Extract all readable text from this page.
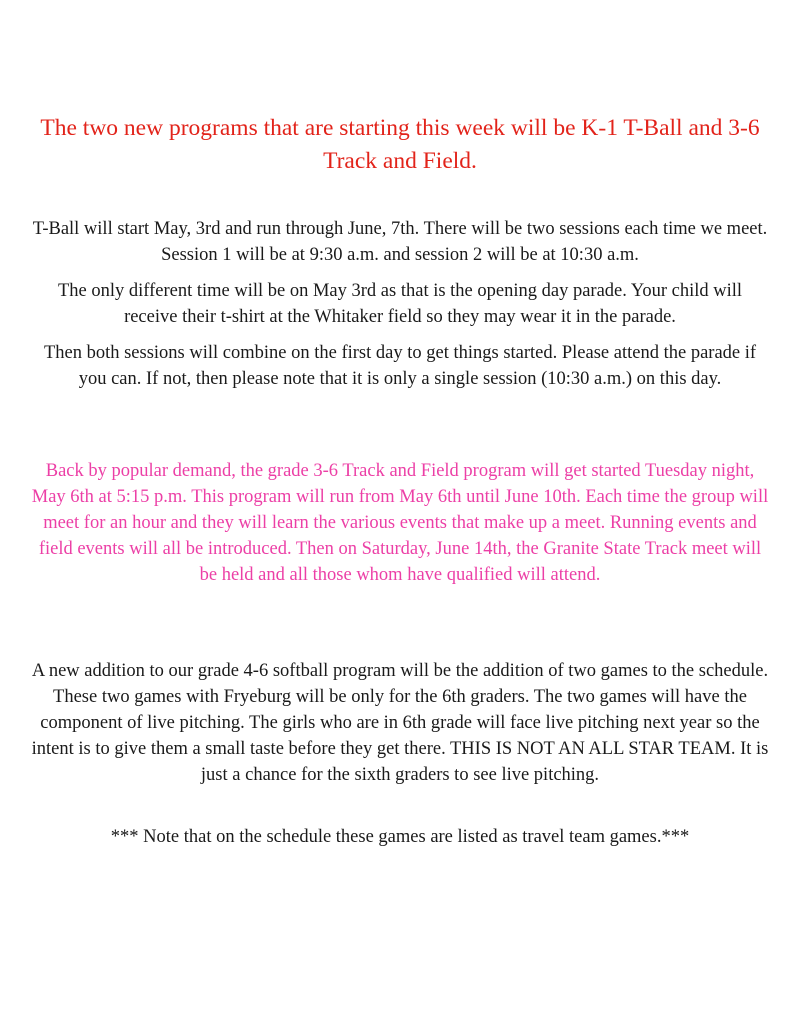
The two new programs that are starting this week will be K-1 T-Ball and 3-6 Track and Field.

T-Ball will start May, 3rd and run through June, 7th. There will be two sessions each time we meet. Session 1 will be at 9:30 a.m. and session 2 will be at 10:30 a.m.

The only different time will be on May 3rd as that is the opening day parade. Your child will receive their t-shirt at the Whitaker field so they may wear it in the parade.

Then both sessions will combine on the first day to get things started. Please attend the parade if you can. If not, then please note that it is only a single session (10:30 a.m.) on this day.

Back by popular demand, the grade 3-6 Track and Field program will get started Tuesday night, May 6th at 5:15 p.m. This program will run from May 6th until June 10th. Each time the group will meet for an hour and they will learn the various events that make up a meet. Running events and field events will all be introduced. Then on Saturday, June 14th, the Granite State Track meet will be held and all those whom have qualified will attend.

A new addition to our grade 4-6 softball program will be the addition of two games to the schedule. These two games with Fryeburg will be only for the 6th graders. The two games will have the component of live pitching. The girls who are in 6th grade will face live pitching next year so the intent is to give them a small taste before they get there. THIS IS NOT AN ALL STAR TEAM. It is just a chance for the sixth graders to see live pitching.

*** Note that on the schedule these games are listed as travel team games.***
